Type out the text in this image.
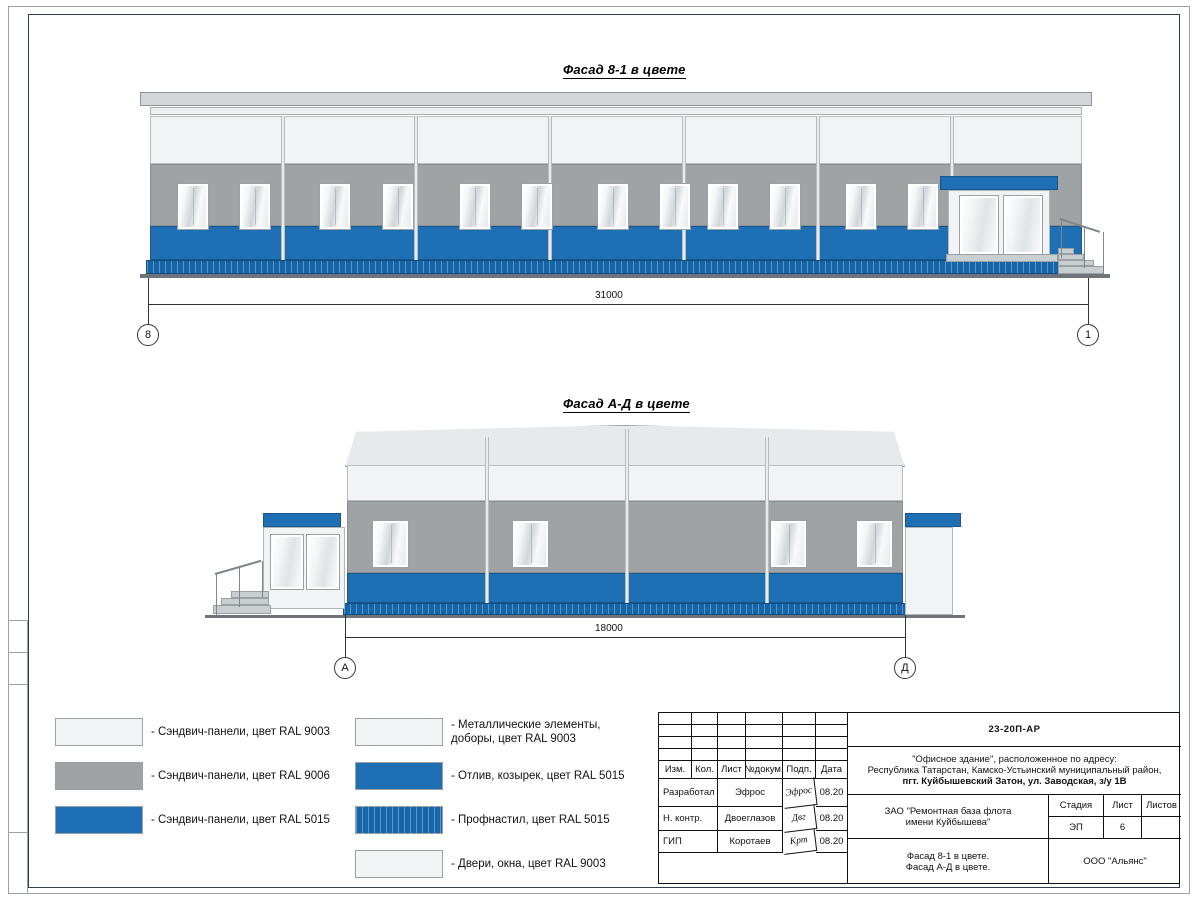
Фасад 8-1 в цвете
31000
8	1
Фасад А-Д в цвете
18000
А	Д
- Сэндвич-панели, цвет RAL 9003
- Сэндвич-панели, цвет RAL 9006
- Сэндвич-панели, цвет RAL 5015
- Металлические элементы, доборы, цвет RAL 9003
- Отлив, козырек, цвет RAL 5015
- Профнастил, цвет RAL 5015
- Двери, окна, цвет RAL 9003
Изм.	Кол. Лист №докум. Подп. Дата
Разработал	Эфрос	Эфрос 08.20
Н. контр.	Двоеглазов	Двг	08.20
ГИП	Коротаев	Крт	08.20
23-20П-АР
"Офисное здание", расположенное по адресу:
Республика Татарстан, Камско-Устьинский муниципальный район,
пгт. Куйбышевский Затон, ул. Заводская, з/у 1В
ЗАО "Ремонтная база флота
имени Куйбышева"
Стадия	Лист	Листов
ЭП	6
Фасад 8-1 в цвете.
Фасад А-Д в цвете.	ООО "Альянс"
